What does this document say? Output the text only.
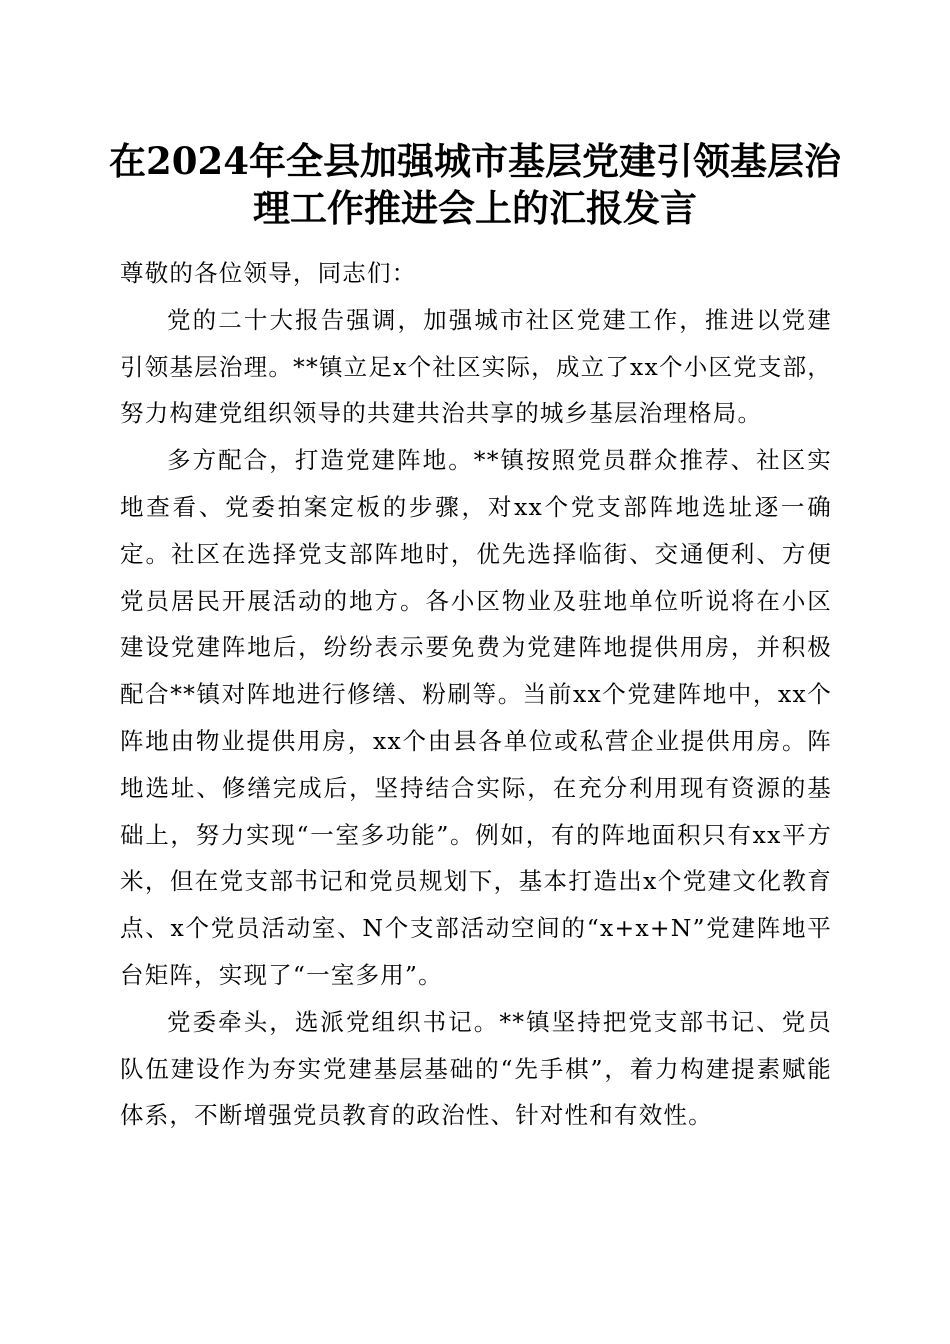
在2024年全县加强城市基层党建引领基层治理工作推进会上的汇报发言

尊敬的各位领导，同志们：

党的二十大报告强调，加强城市社区党建工作，推进以党建引领基层治理。**镇立足x个社区实际，成立了xx个小区党支部，努力构建党组织领导的共建共治共享的城乡基层治理格局。

多方配合，打造党建阵地。**镇按照党员群众推荐、社区实地查看、党委拍案定板的步骤，对xx个党支部阵地选址逐一确定。社区在选择党支部阵地时，优先选择临街、交通便利、方便党员居民开展活动的地方。各小区物业及驻地单位听说将在小区建设党建阵地后，纷纷表示要免费为党建阵地提供用房，并积极配合**镇对阵地进行修缮、粉刷等。当前xx个党建阵地中，xx个阵地由物业提供用房，xx个由县各单位或私营企业提供用房。阵地选址、修缮完成后，坚持结合实际，在充分利用现有资源的基础上，努力实现“一室多功能”。例如，有的阵地面积只有xx平方米，但在党支部书记和党员规划下，基本打造出x个党建文化教育点、x个党员活动室、N个支部活动空间的“x+x+N”党建阵地平台矩阵，实现了“一室多用”。

党委牵头，选派党组织书记。**镇坚持把党支部书记、党员队伍建设作为夯实党建基层基础的“先手棋”，着力构建提素赋能体系，不断增强党员教育的政治性、针对性和有效性。
